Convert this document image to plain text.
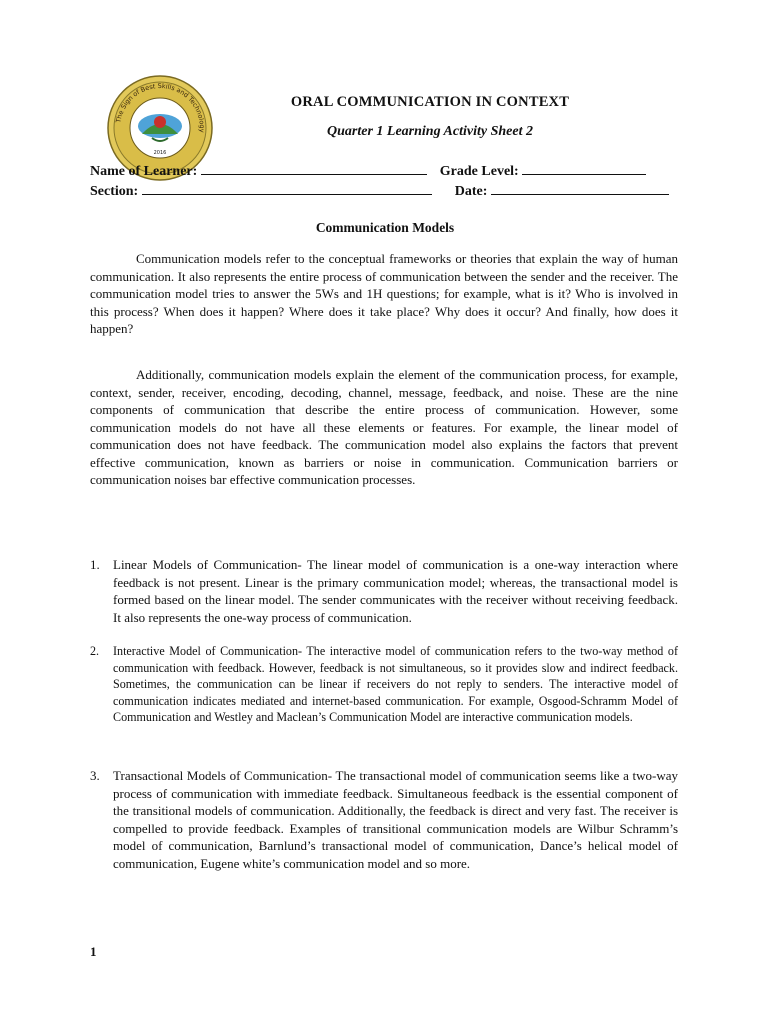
The Sign of Best Skills and Technology
2016
ORAL COMMUNICATION IN CONTEXT
Quarter 1 Learning Activity Sheet 2
Name of Learner:	Grade Level:
Section:	Date:
Communication Models

Communication models refer to the conceptual frameworks or theories that explain the way of human communication. It also represents the entire process of communication between the sender and the receiver. The communication model tries to answer the 5Ws and 1H questions; for example, what is it? Who is involved in this process? When does it happen? Where does it take place? Why does it occur? And finally, how does it happen?

Additionally, communication models explain the element of the communication process, for example, context, sender, receiver, encoding, decoding, channel, message, feedback, and noise. These are the nine components of communication that describe the entire process of communication. However, some communication models do not have all these elements or features. For example, the linear model of communication does not have feedback. The communication model also explains the factors that prevent effective communication, known as barriers or noise in communication. Communication barriers or communication noises bar effective communication processes.

1.	Linear Models of Communication- The linear model of communication is a one-way interaction where feedback is not present. Linear is the primary communication model; whereas, the transactional model is formed based on the linear model. The sender communicates with the receiver without receiving feedback. It also represents the one-way process of communication.
2.	Interactive Model of Communication- The interactive model of communication refers to the two-way method of communication with feedback. However, feedback is not simultaneous, so it provides slow and indirect feedback. Sometimes, the communication can be linear if receivers do not reply to senders. The interactive model of communication indicates mediated and internet-based communication. For example, Osgood-Schramm Model of Communication and Westley and Maclean’s Communication Model are interactive communication models.
3.	Transactional Models of Communication- The transactional model of communication seems like a two-way process of communication with immediate feedback. Simultaneous feedback is the essential component of the transitional models of communication. Additionally, the feedback is direct and very fast. The receiver is compelled to provide feedback. Examples of transitional communication models are Wilbur Schramm’s model of communication, Barnlund’s transactional model of communication, Dance’s helical model of communication, Eugene white’s communication model and so more.
1
